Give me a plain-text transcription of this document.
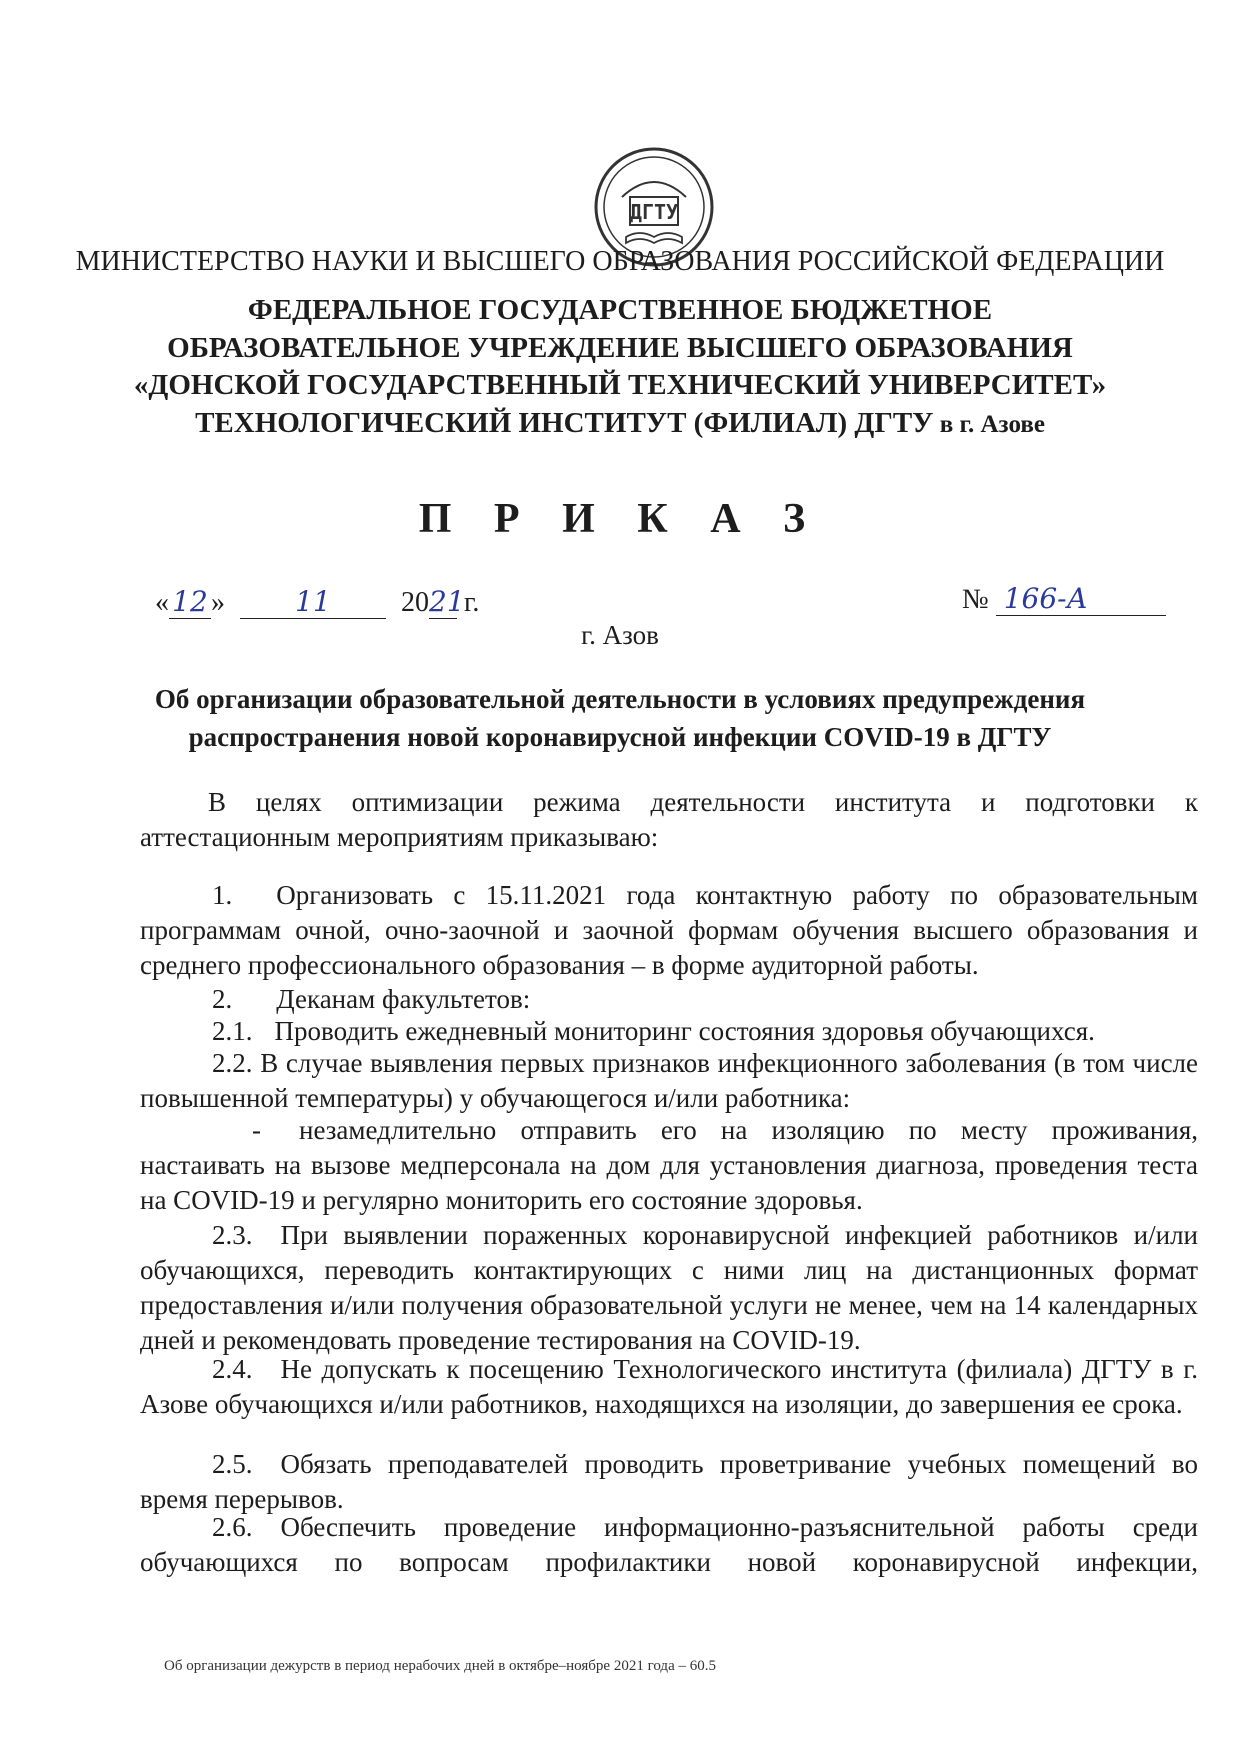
ДГТУ
МИНИСТЕРСТВО НАУКИ И ВЫСШЕГО ОБРАЗОВАНИЯ РОССИЙСКОЙ ФЕДЕРАЦИИ
ФЕДЕРАЛЬНОЕ ГОСУДАРСТВЕННОЕ БЮДЖЕТНОЕ
ОБРАЗОВАТЕЛЬНОЕ УЧРЕЖДЕНИЕ ВЫСШЕГО ОБРАЗОВАНИЯ
«ДОНСКОЙ ГОСУДАРСТВЕННЫЙ ТЕХНИЧЕСКИЙ УНИВЕРСИТЕТ»
ТЕХНОЛОГИЧЕСКИЙ ИНСТИТУТ (ФИЛИАЛ) ДГТУ в г. Азове
П Р И К А З
« 12 »	11	2021 г.	№ 166-А
г. Азов
Об организации образовательной деятельности в условиях предупреждения
распространения новой коронавирусной инфекции COVID-19 в ДГТУ
В целях оптимизации режима деятельности института и подготовки к аттестационным мероприятиям приказываю:
1. Организовать с 15.11.2021 года контактную работу по образовательным программам очной, очно-заочной и заочной формам обучения высшего образования и среднего профессионального образования – в форме аудиторной работы.
2. Деканам факультетов:
2.1. Проводить ежедневный мониторинг состояния здоровья обучающихся.
2.2. В случае выявления первых признаков инфекционного заболевания (в том числе повышенной температуры) у обучающегося и/или работника:
- незамедлительно отправить его на изоляцию по месту проживания, настаивать на вызове медперсонала на дом для установления диагноза, проведения теста на COVID-19 и регулярно мониторить его состояние здоровья.
2.3. При выявлении пораженных коронавирусной инфекцией работников и/или обучающихся, переводить контактирующих с ними лиц на дистанционных формат предоставления и/или получения образовательной услуги не менее, чем на 14 календарных дней и рекомендовать проведение тестирования на COVID-19.
2.4. Не допускать к посещению Технологического института (филиала) ДГТУ в г. Азове обучающихся и/или работников, находящихся на изоляции, до завершения ее срока.
2.5. Обязать преподавателей проводить проветривание учебных помещений во время перерывов.
2.6. Обеспечить проведение информационно-разъяснительной работы среди обучающихся по вопросам профилактики новой коронавирусной инфекции,
Об организации дежурств в период нерабочих дней в октябре–ноябре 2021 года – 60.5
